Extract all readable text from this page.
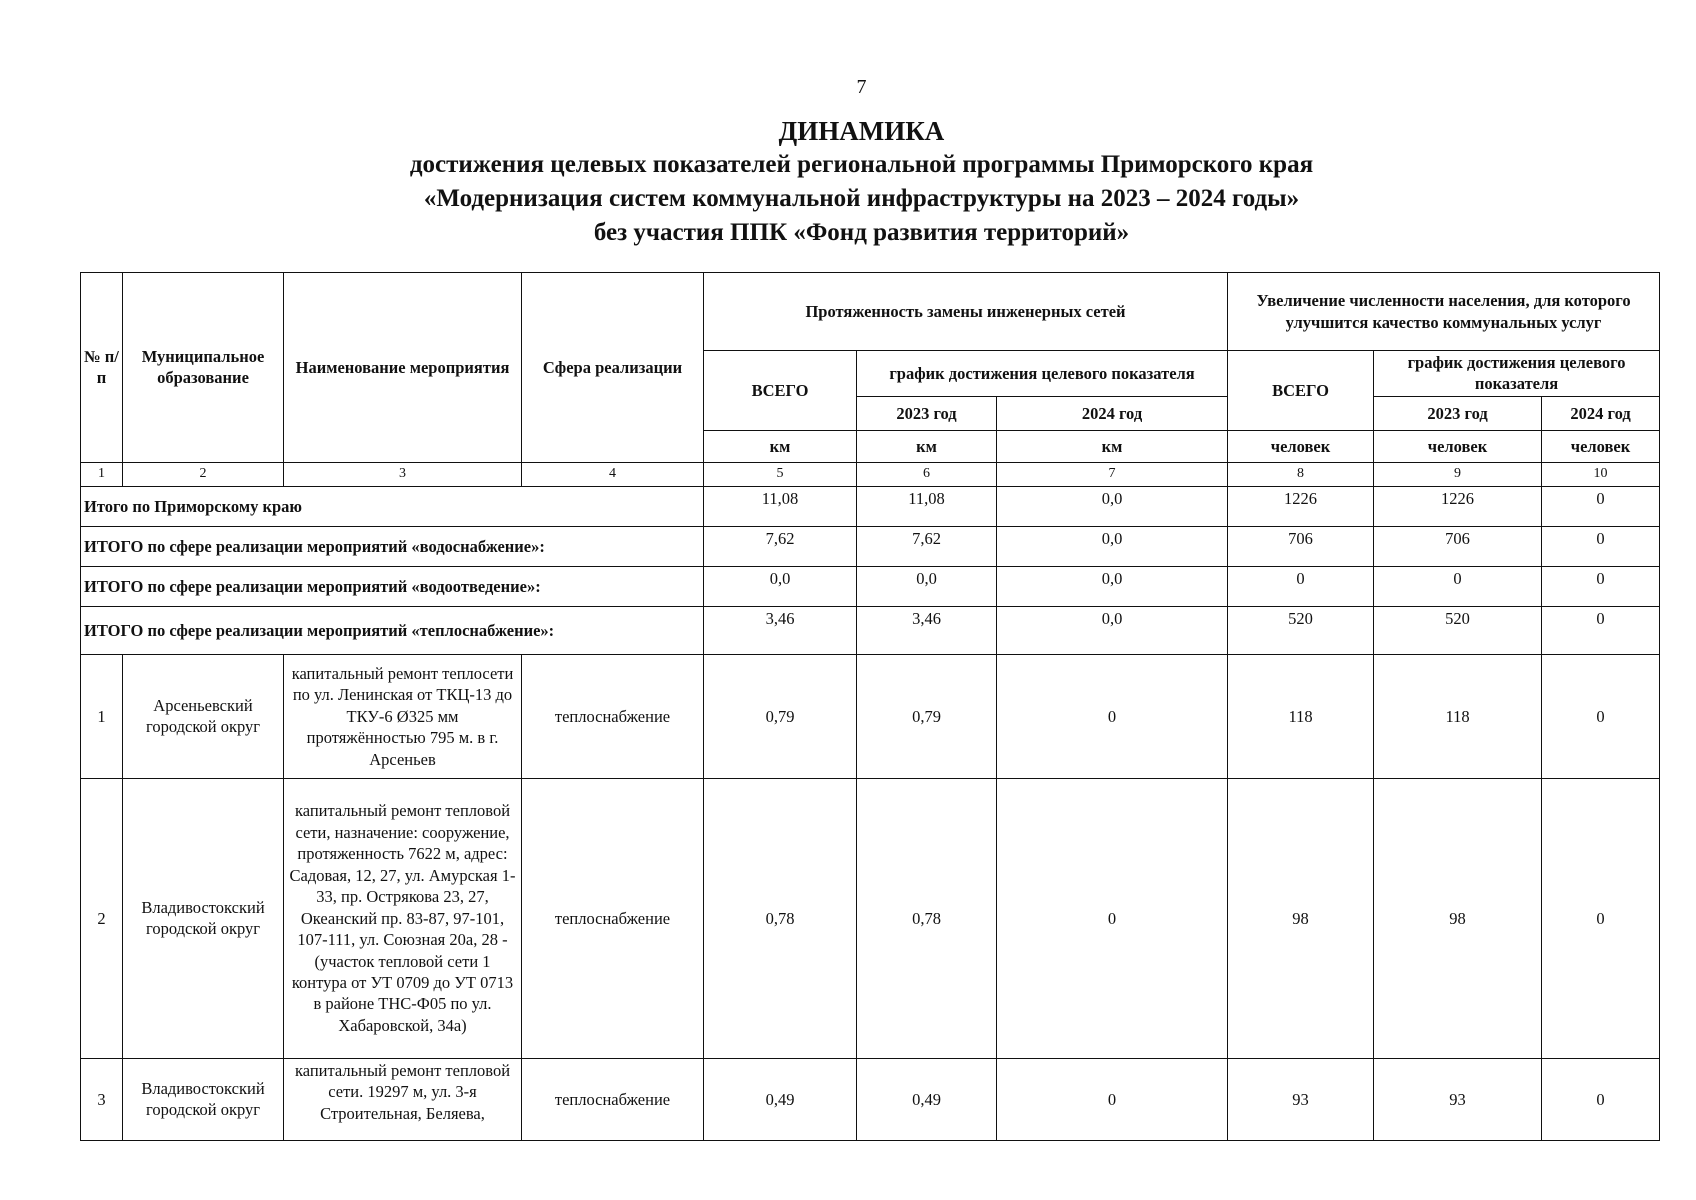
7
ДИНАМИКА
достижения целевых показателей региональной программы Приморского края
«Модернизация систем коммунальной инфраструктуры на 2023 – 2024 годы»
без участия ППК «Фонд развития территорий»
№ п/п	Муниципальное образование	Наименование мероприятия	Сфера реализации	Протяженность замены инженерных сетей			Увеличение численности населения, для которого улучшится качество коммунальных услуг		
				ВСЕГО	график достижения целевого показателя		ВСЕГО	график достижения целевого показателя	
					2023 год	2024 год		2023 год	2024 год
				км	км	км	человек	человек	человек
1	2	3	4	5	6	7	8	9	10
Итого по Приморскому краю				11,08	11,08	0,0	1226	1226	0
ИТОГО по сфере реализации мероприятий «водоснабжение»:				7,62	7,62	0,0	706	706	0
ИТОГО по сфере реализации мероприятий «водоотведение»:				0,0	0,0	0,0	0	0	0
ИТОГО по сфере реализации мероприятий «теплоснабжение»:				3,46	3,46	0,0	520	520	0
1	Арсеньевский городской округ	капитальный ремонт теплосети по ул. Ленинская от ТКЦ-13 до ТКУ-6 Ø325 мм протяжённостью 795 м. в г. Арсеньев	теплоснабжение	0,79	0,79	0	118	118	0
2	Владивостокский городской округ	капитальный ремонт тепловой сети, назначение: сооружение, протяженность 7622 м, адрес: Садовая, 12, 27, ул. Амурская 1-33, пр. Острякова 23, 27, Океанский пр. 83-87, 97-101, 107-111, ул. Союзная 20а, 28 - (участок тепловой сети 1 контура от УТ 0709 до УТ 0713 в районе ТНС-Ф05 по ул. Хабаровской, 34а)	теплоснабжение	0,78	0,78	0	98	98	0
3	Владивостокский городской округ	капитальный ремонт тепловой сети. 19297 м, ул. 3-я Строительная, Беляева,	теплоснабжение	0,49	0,49	0	93	93	0
